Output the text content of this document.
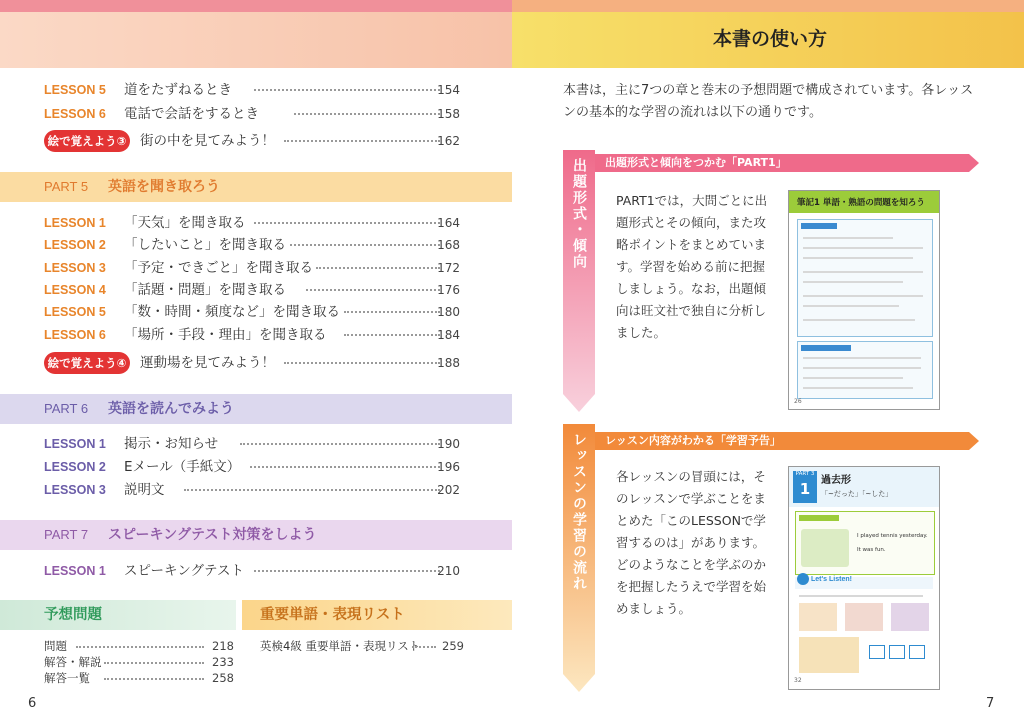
LESSON 5 道をたずねるとき	154
LESSON 6 電話で会話をするとき	158
絵で覚えよう③ 街の中を見てみよう！	162
PART 5 英語を聞き取ろう
LESSON 1 「天気」を聞き取る	164
LESSON 2 「したいこと」を聞き取る	168
LESSON 3 「予定・できごと」を聞き取る	172
LESSON 4 「話題・問題」を聞き取る	176
LESSON 5 「数・時間・頻度など」を聞き取る	180
LESSON 6 「場所・手段・理由」を聞き取る	184
絵で覚えよう④ 運動場を見てみよう！	188
PART 6 英語を読んでみよう
LESSON 1 掲示・お知らせ	190
LESSON 2 Eメール（手紙文）	196
LESSON 3 説明文	202
PART 7 スピーキングテスト対策をしよう
LESSON 1 スピーキングテスト	210
予想問題
問題	218
解答・解説	233
解答一覧	258
重要単語・表現リスト
英検4級 重要単語・表現リスト 259
6
本書の使い方
本書は，主に7つの章と巻末の予想問題で構成されています。各レッスンの基本的な学習の流れは以下の通りです。
出題形式・傾向	出題形式と傾向をつかむ「PART1」
PART1では，大問ごとに出題形式とその傾向，また攻略ポイントをまとめています。学習を始める前に把握しましょう。なお，出題傾向は旺文社で独自に分析しました。
筆記1 単語・熟語の問題を知ろう
26
レッスンの学習の流れ	レッスン内容がわかる「学習予告」
各レッスンの冒頭には，そのレッスンで学ぶことをまとめた「このLESSONで学習するのは」があります。どのようなことを学ぶのかを把握したうえで学習を始めましょう。
PART 3
1	過去形
「~だった」「~した」
I played tennis yesterday.
It was fun.
Let's Listen!
32
7
